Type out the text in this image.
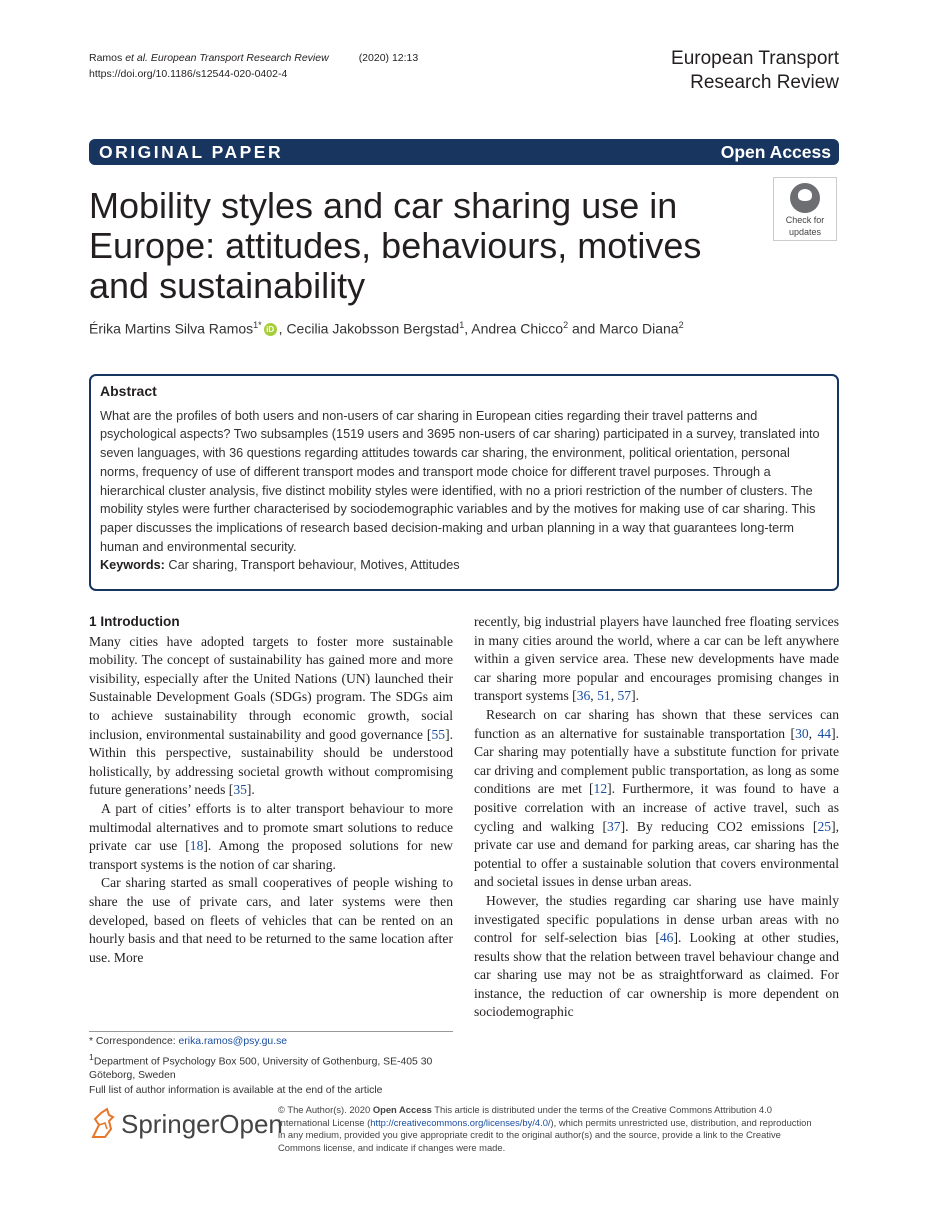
Ramos et al. European Transport Research Review	(2020) 12:13
https://doi.org/10.1186/s12544-020-0402-4
European Transport
Research Review
ORIGINAL PAPER	Open Access
Mobility styles and car sharing use in Europe: attitudes, behaviours, motives and sustainability
Check for
updates
Érika Martins Silva Ramos$^{1*}$ iD , Cecilia Jakobsson Bergstad$^1$, Andrea Chicco$^2$ and Marco Diana$^2$
Abstract
What are the profiles of both users and non-users of car sharing in European cities regarding their travel patterns and psychological aspects? Two subsamples (1519 users and 3695 non-users of car sharing) participated in a survey, translated into seven languages, with 36 questions regarding attitudes towards car sharing, the environment, political orientation, personal norms, frequency of use of different transport modes and transport mode choice for different travel purposes. Through a hierarchical cluster analysis, five distinct mobility styles were identified, with no a priori restriction of the number of clusters. The mobility styles were further characterised by sociodemographic variables and by the motives for making use of car sharing. This paper discusses the implications of research based decision-making and urban planning in a way that guarantees long-term human and environmental security.
Keywords: Car sharing, Transport behaviour, Motives, Attitudes
1 Introduction

Many cities have adopted targets to foster more sustainable mobility. The concept of sustainability has gained more and more visibility, especially after the United Nations (UN) launched their Sustainable Development Goals (SDGs) program. The SDGs aim to achieve sustainability through economic growth, social inclusion, environmental sustainability and good governance [55]. Within this perspective, sustainability should be understood holistically, by addressing societal growth without compromising future generations’ needs [35].

A part of cities’ efforts is to alter transport behaviour to more multimodal alternatives and to promote smart solutions to reduce private car use [18]. Among the proposed solutions for new transport systems is the notion of car sharing.

Car sharing started as small cooperatives of people wishing to share the use of private cars, and later systems were then developed, based on fleets of vehicles that can be rented on an hourly basis and that need to be returned to the same location after use. More

recently, big industrial players have launched free floating services in many cities around the world, where a car can be left anywhere within a given service area. These new developments have made car sharing more popular and encourages promising changes in transport systems [36, 51, 57].

Research on car sharing has shown that these services can function as an alternative for sustainable transportation [30, 44]. Car sharing may potentially have a substitute function for private car driving and complement public transportation, as long as some conditions are met [12]. Furthermore, it was found to have a positive correlation with an increase of active travel, such as cycling and walking [37]. By reducing CO2 emissions [25], private car use and demand for parking areas, car sharing has the potential to offer a sustainable solution that covers environmental and societal issues in dense urban areas.

However, the studies regarding car sharing use have mainly investigated specific populations in dense urban areas with no control for self-selection bias [46]. Looking at other studies, results show that the relation between travel behaviour change and car sharing use may not be as straightforward as claimed. For instance, the reduction of car ownership is more dependent on sociodemographic

* Correspondence: erika.ramos@psy.gu.se
$^1$Department of Psychology Box 500, University of Gothenburg, SE-405 30 Göteborg, Sweden
Full list of author information is available at the end of the article
SpringerOpen
© The Author(s). 2020 Open Access This article is distributed under the terms of the Creative Commons Attribution 4.0 International License (http://creativecommons.org/licenses/by/4.0/), which permits unrestricted use, distribution, and reproduction in any medium, provided you give appropriate credit to the original author(s) and the source, provide a link to the Creative Commons license, and indicate if changes were made.
